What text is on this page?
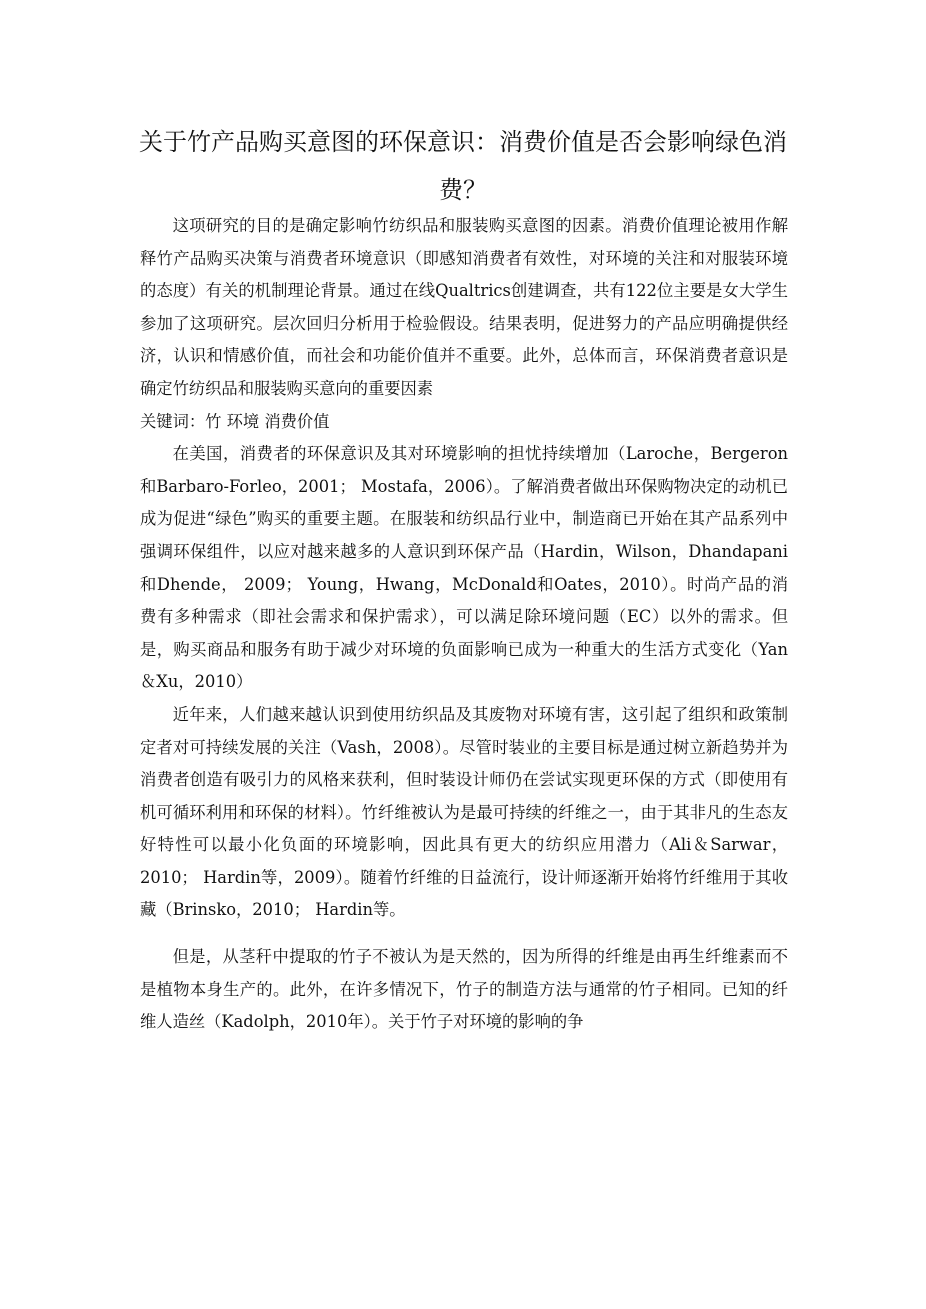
关于竹产品购买意图的环保意识：消费价值是否会影响绿色消费？

这项研究的目的是确定影响竹纺织品和服装购买意图的因素。消费价值理论被用作解释竹产品购买决策与消费者环境意识（即感知消费者有效性，对环境的关注和对服装环境的态度）有关的机制理论背景。通过在线Qualtrics创建调查，共有122位主要是女大学生参加了这项研究。层次回归分析用于检验假设。结果表明，促进努力的产品应明确提供经济，认识和情感价值，而社会和功能价值并不重要。此外，总体而言，环保消费者意识是确定竹纺织品和服装购买意向的重要因素

关键词：竹 环境 消费价值

在美国，消费者的环保意识及其对环境影响的担忧持续增加（Laroche，Bergeron和Barbaro-Forleo，2001； Mostafa，2006）。了解消费者做出环保购物决定的动机已成为促进“绿色”购买的重要主题。在服装和纺织品行业中，制造商已开始在其产品系列中强调环保组件，以应对越来越多的人意识到环保产品（Hardin，Wilson，Dhandapani和Dhende， 2009； Young，Hwang，McDonald和Oates，2010）。时尚产品的消费有多种需求（即社会需求和保护需求），可以满足除环境问题（EC）以外的需求。但是，购买商品和服务有助于减少对环境的负面影响已成为一种重大的生活方式变化（Yan＆Xu，2010）

近年来，人们越来越认识到使用纺织品及其废物对环境有害，这引起了组织和政策制定者对可持续发展的关注（Vash，2008）。尽管时装业的主要目标是通过树立新趋势并为消费者创造有吸引力的风格来获利，但时装设计师仍在尝试实现更环保的方式（即使用有机可循环利用和环保的材料）。竹纤维被认为是最可持续的纤维之一，由于其非凡的生态友好特性可以最小化负面的环境影响，因此具有更大的纺织应用潜力（Ali＆Sarwar，2010； Hardin等，2009）。随着竹纤维的日益流行，设计师逐渐开始将竹纤维用于其收藏（Brinsko，2010； Hardin等。

但是，从茎秆中提取的竹子不被认为是天然的，因为所得的纤维是由再生纤维素而不是植物本身生产的。此外，在许多情况下，竹子的制造方法与通常的竹子相同。已知的纤维人造丝（Kadolph，2010年）。关于竹子对环境的影响的争
